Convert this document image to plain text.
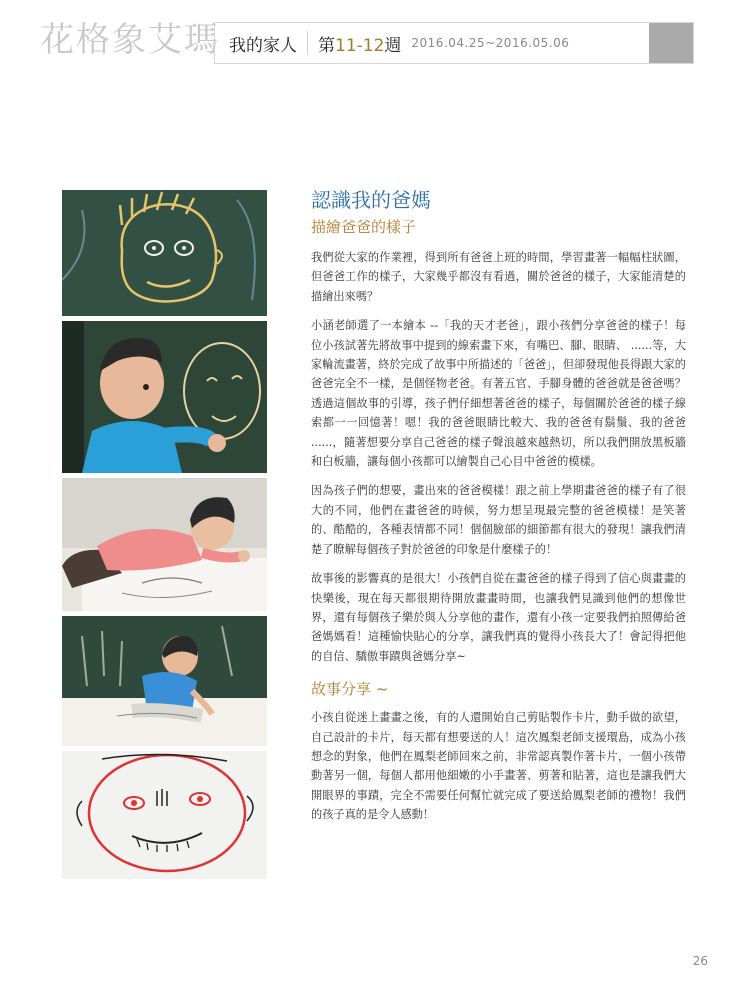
花格象艾瑪 我的家人	第11-12週 2016.04.25~2016.05.06
認識我的爸媽
描繪爸爸的樣子

我們從大家的作業裡，得到所有爸爸上班的時間，學習畫著一幅幅柱狀圖，但爸爸工作的樣子，大家幾乎都沒有看過，關於爸爸的樣子，大家能清楚的描繪出來嗎？

小涵老師選了一本繪本 --「我的天才老爸」，跟小孩們分享爸爸的樣子！每位小孩試著先將故事中提到的線索畫下來，有嘴巴、腳、眼睛、 ......等，大家輪流畫著，終於完成了故事中所描述的「爸爸」，但卻發現他長得跟大家的爸爸完全不一樣，是個怪物老爸。有著五官、手腳身體的爸爸就是爸爸嗎？透過這個故事的引導，孩子們仔細想著爸爸的樣子，每個關於爸爸的樣子線索都一一回憶著！嗯！我的爸爸眼睛比較大、我的爸爸有鬍鬚、我的爸爸 ......，隨著想要分享自己爸爸的樣子聲浪越來越熱切，所以我們開放黑板牆和白板牆，讓每個小孩都可以繪製自己心目中爸爸的模樣。

因為孩子們的想要，畫出來的爸爸模樣！跟之前上學期畫爸爸的樣子有了很大的不同，他們在畫爸爸的時候，努力想呈現最完整的爸爸模樣！是笑著的、酷酷的，各種表情都不同！個個臉部的細節都有很大的發現！讓我們清楚了瞭解每個孩子對於爸爸的印象是什麼樣子的！

故事後的影響真的是很大！小孩們自從在畫爸爸的樣子得到了信心與畫畫的快樂後，現在每天都很期待開放畫畫時間，也讓我們見識到他們的想像世界，還有每個孩子樂於與人分享他的畫作，還有小孩一定要我們拍照傳給爸爸媽媽看！這種愉快貼心的分享，讓我們真的覺得小孩長大了！會記得把他的自信、驕傲事蹟與爸媽分享~

故事分享 ~

小孩自從迷上畫畫之後，有的人還開始自己剪貼製作卡片，動手做的欲望，自己設計的卡片，每天都有想要送的人！這次鳳梨老師支援環島，成為小孩想念的對象，他們在鳳梨老師回來之前，非常認真製作著卡片，一個小孩帶動著另一個，每個人都用他細嫩的小手畫著、剪著和貼著，這也是讓我們大開眼界的事蹟，完全不需要任何幫忙就完成了要送給鳳梨老師的禮物！我們的孩子真的是令人感動！

26
